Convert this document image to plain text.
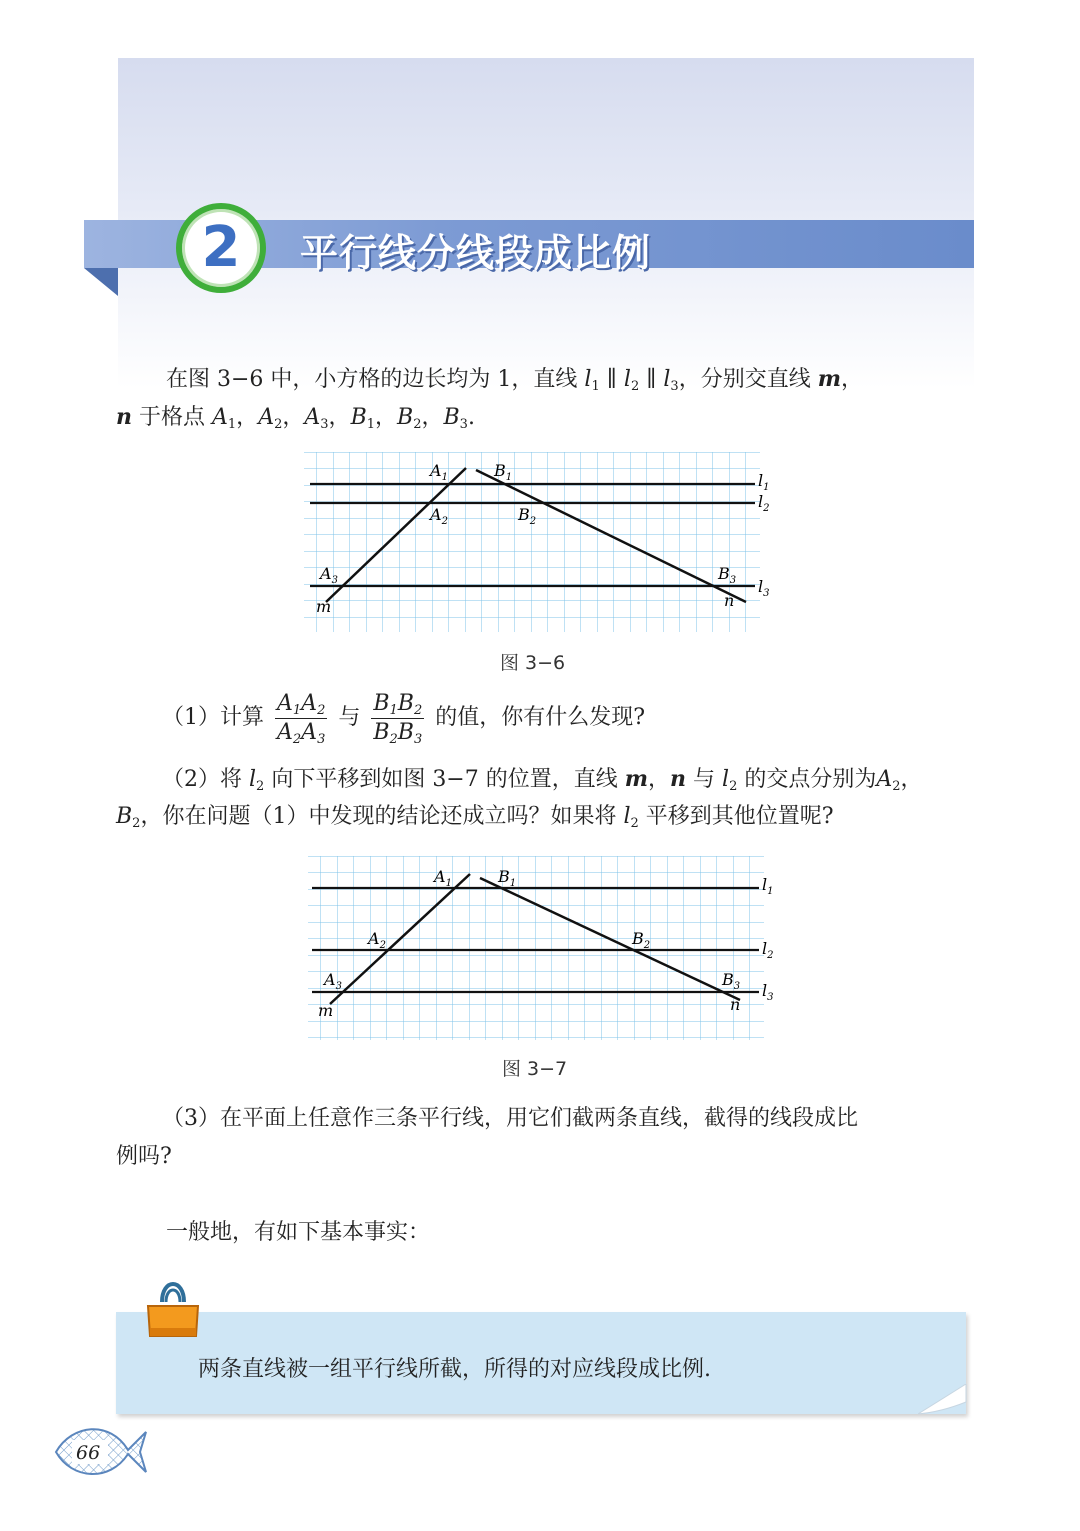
2 平行线分线段成比例
在图 3−6 中，小方格的边长均为 1，直线 $l_1$ ∥ $l_2$ ∥ $l_3$，分别交直线 m，
n 于格点 $A_1$，$A_2$，$A_3$，$B_1$，$B_2$，$B_3$.
$A_1$	$B_1$
$A_2$	$B_2$
$A_3$	$B_3$
$l_1$
$l_2$
$l_3$
m	n
图 3−6
（1）计算 $\frac{A_1A_2}{A_2A_3}$ 与 $\frac{B_1B_2}{B_2B_3}$ 的值，你有什么发现?
（2）将 $l_2$ 向下平移到如图 3−7 的位置，直线 m，n 与 $l_2$ 的交点分别为$A_2$，
$B_2$，你在问题（1）中发现的结论还成立吗？如果将 $l_2$ 平移到其他位置呢?
$A_1$	$B_1$
$A_2$	$B_2$
$A_3$	$B_3$
$l_1$
$l_2$
$l_3$
m	n
图 3−7
（3）在平面上任意作三条平行线，用它们截两条直线，截得的线段成比
例吗?
一般地，有如下基本事实：
两条直线被一组平行线所截，所得的对应线段成比例.
66
